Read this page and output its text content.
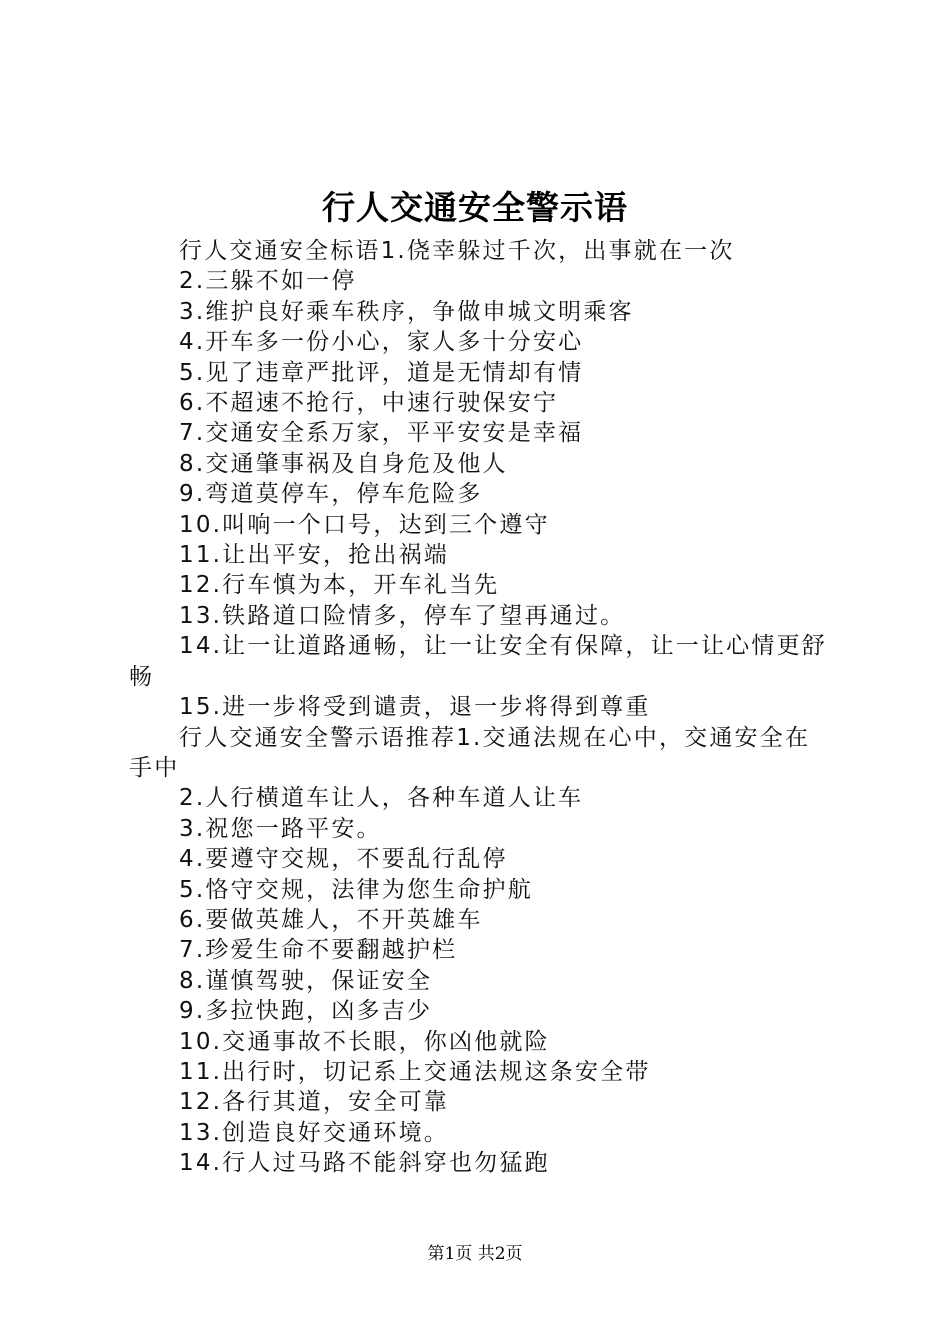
行人交通安全警示语
行人交通安全标语1.侥幸躲过千次，出事就在一次
2.三躲不如一停
3.维护良好乘车秩序，争做申城文明乘客
4.开车多一份小心，家人多十分安心
5.见了违章严批评，道是无情却有情
6.不超速不抢行，中速行驶保安宁
7.交通安全系万家，平平安安是幸福
8.交通肇事祸及自身危及他人
9.弯道莫停车，停车危险多
10.叫响一个口号，达到三个遵守
11.让出平安，抢出祸端
12.行车慎为本，开车礼当先
13.铁路道口险情多，停车了望再通过。
14.让一让道路通畅，让一让安全有保障，让一让心情更舒畅
15.进一步将受到谴责，退一步将得到尊重
行人交通安全警示语推荐1.交通法规在心中，交通安全在手中
2.人行横道车让人，各种车道人让车
3.祝您一路平安。
4.要遵守交规，不要乱行乱停
5.恪守交规，法律为您生命护航
6.要做英雄人，不开英雄车
7.珍爱生命不要翻越护栏
8.谨慎驾驶，保证安全
9.多拉快跑，凶多吉少
10.交通事故不长眼，你凶他就险
11.出行时，切记系上交通法规这条安全带
12.各行其道，安全可靠
13.创造良好交通环境。
14.行人过马路不能斜穿也勿猛跑
第1页 共2页
